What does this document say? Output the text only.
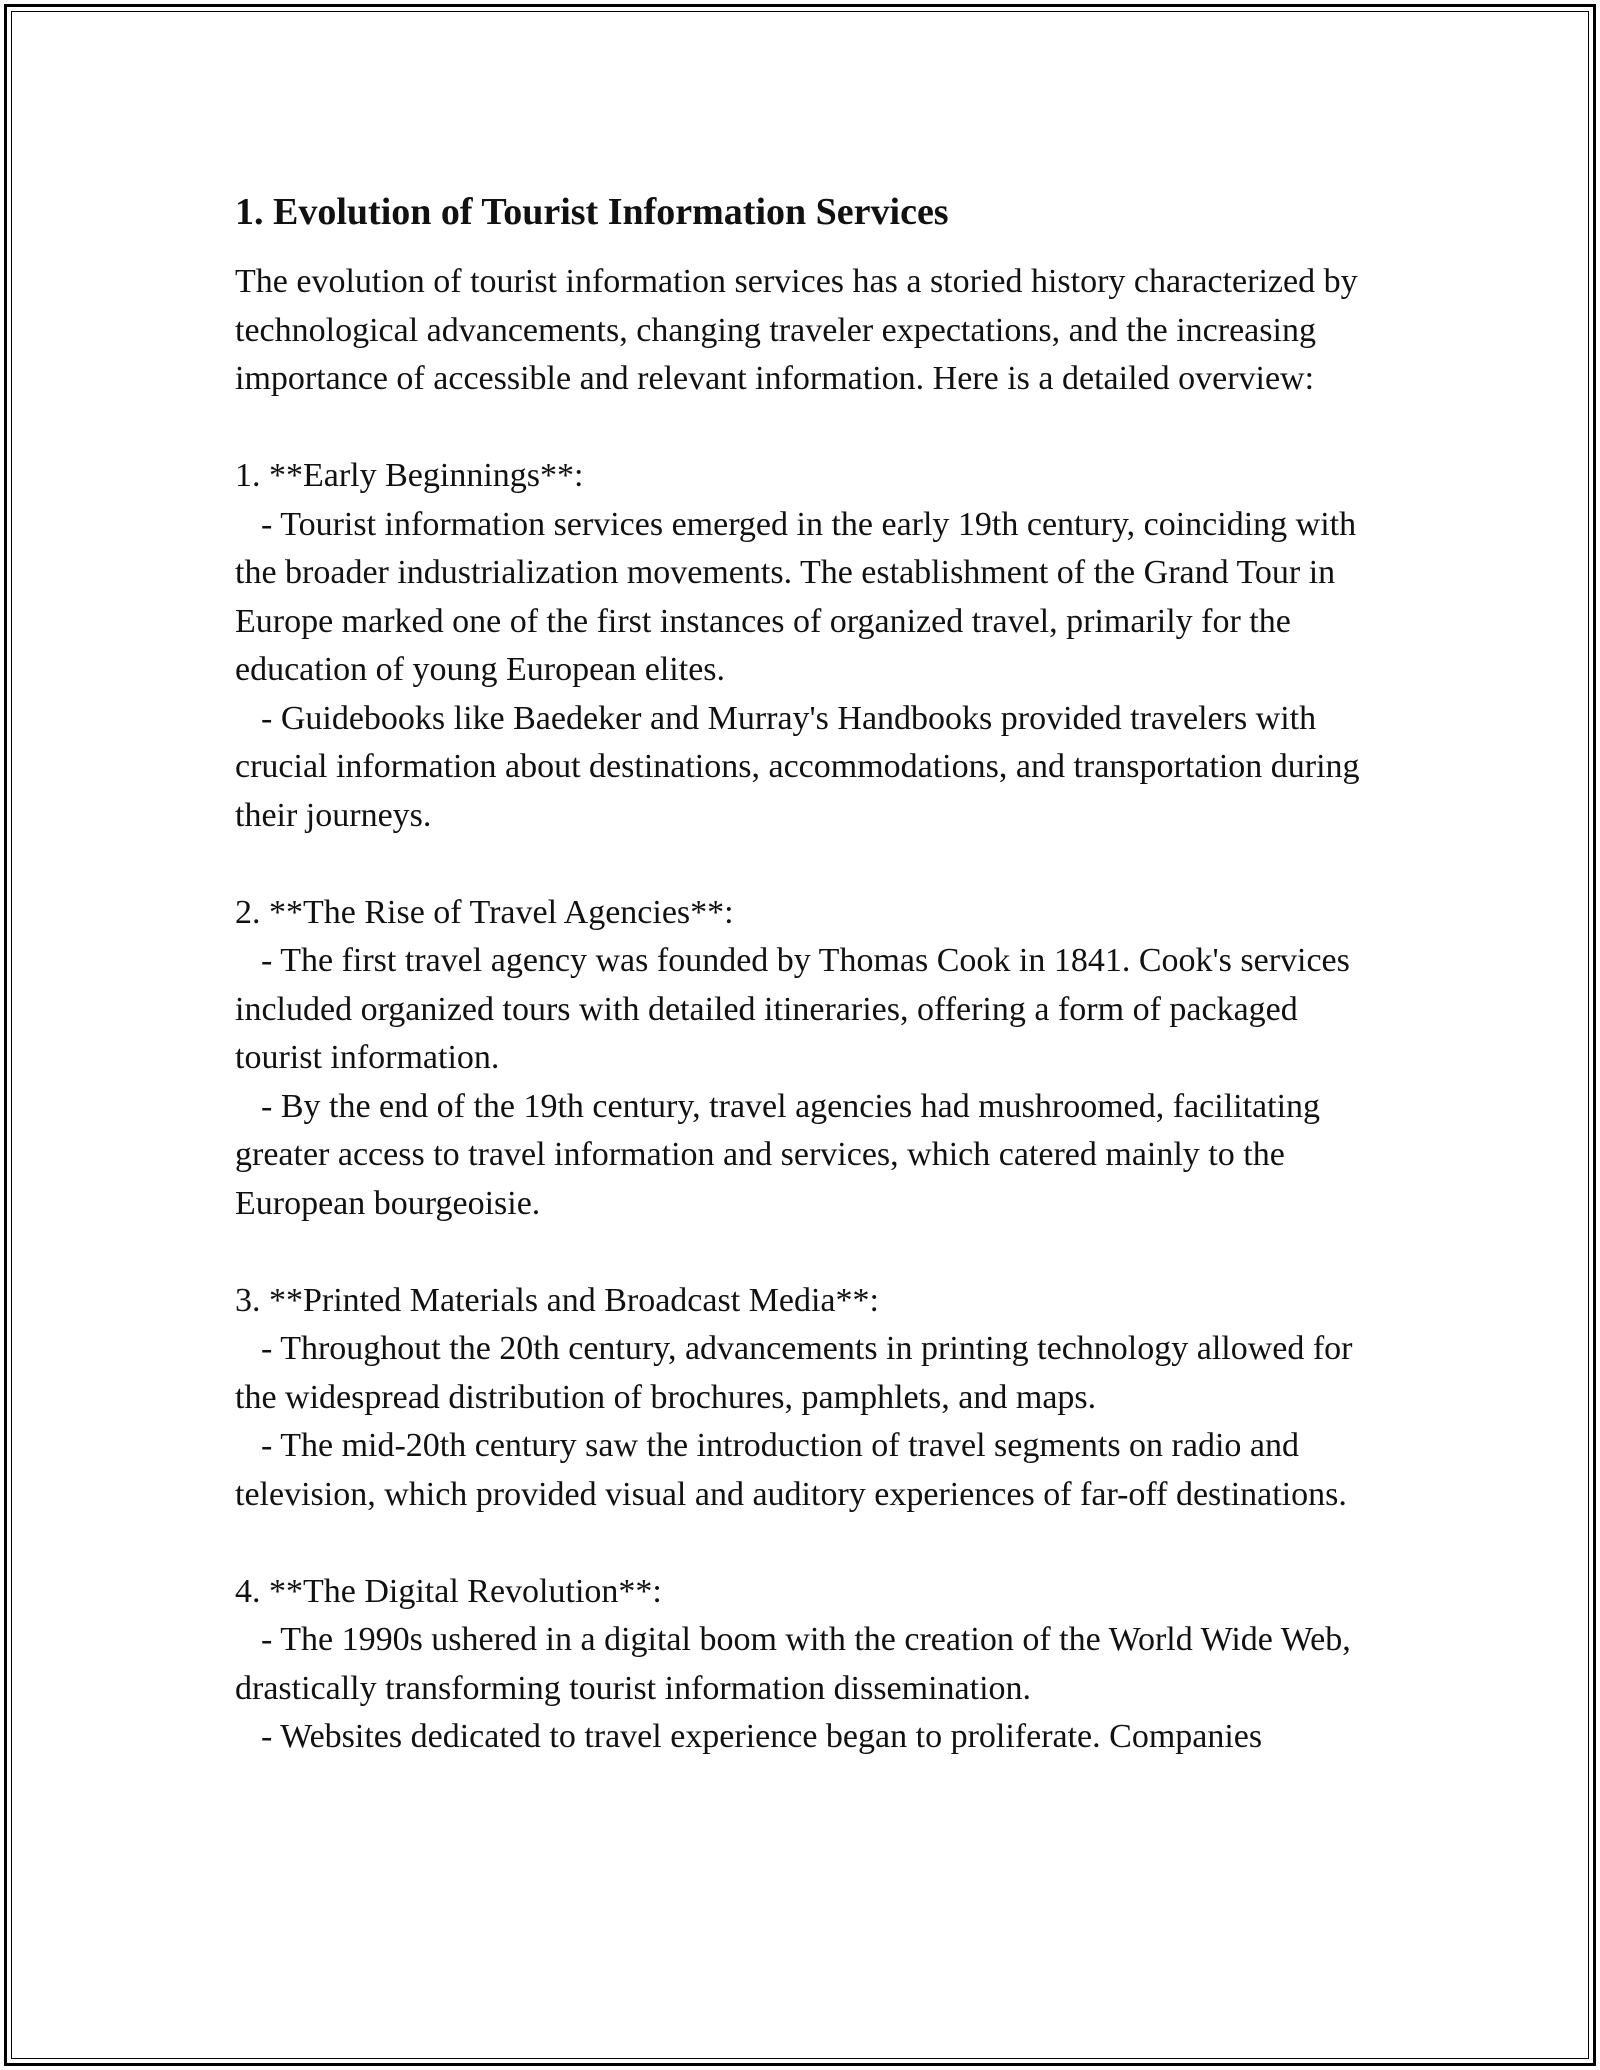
1. Evolution of Tourist Information Services

The evolution of tourist information services has a storied history characterized by technological advancements, changing traveler expectations, and the increasing importance of accessible and relevant information. Here is a detailed overview:

1. **Early Beginnings**:

- Tourist information services emerged in the early 19th century, coinciding with the broader industrialization movements. The establishment of the Grand Tour in Europe marked one of the first instances of organized travel, primarily for the education of young European elites.

- Guidebooks like Baedeker and Murray's Handbooks provided travelers with crucial information about destinations, accommodations, and transportation during their journeys.

2. **The Rise of Travel Agencies**:

- The first travel agency was founded by Thomas Cook in 1841. Cook's services included organized tours with detailed itineraries, offering a form of packaged tourist information.

- By the end of the 19th century, travel agencies had mushroomed, facilitating greater access to travel information and services, which catered mainly to the European bourgeoisie.

3. **Printed Materials and Broadcast Media**:

- Throughout the 20th century, advancements in printing technology allowed for the widespread distribution of brochures, pamphlets, and maps.

- The mid-20th century saw the introduction of travel segments on radio and television, which provided visual and auditory experiences of far-off destinations.

4. **The Digital Revolution**:

- The 1990s ushered in a digital boom with the creation of the World Wide Web, drastically transforming tourist information dissemination.

- Websites dedicated to travel experience began to proliferate. Companies
